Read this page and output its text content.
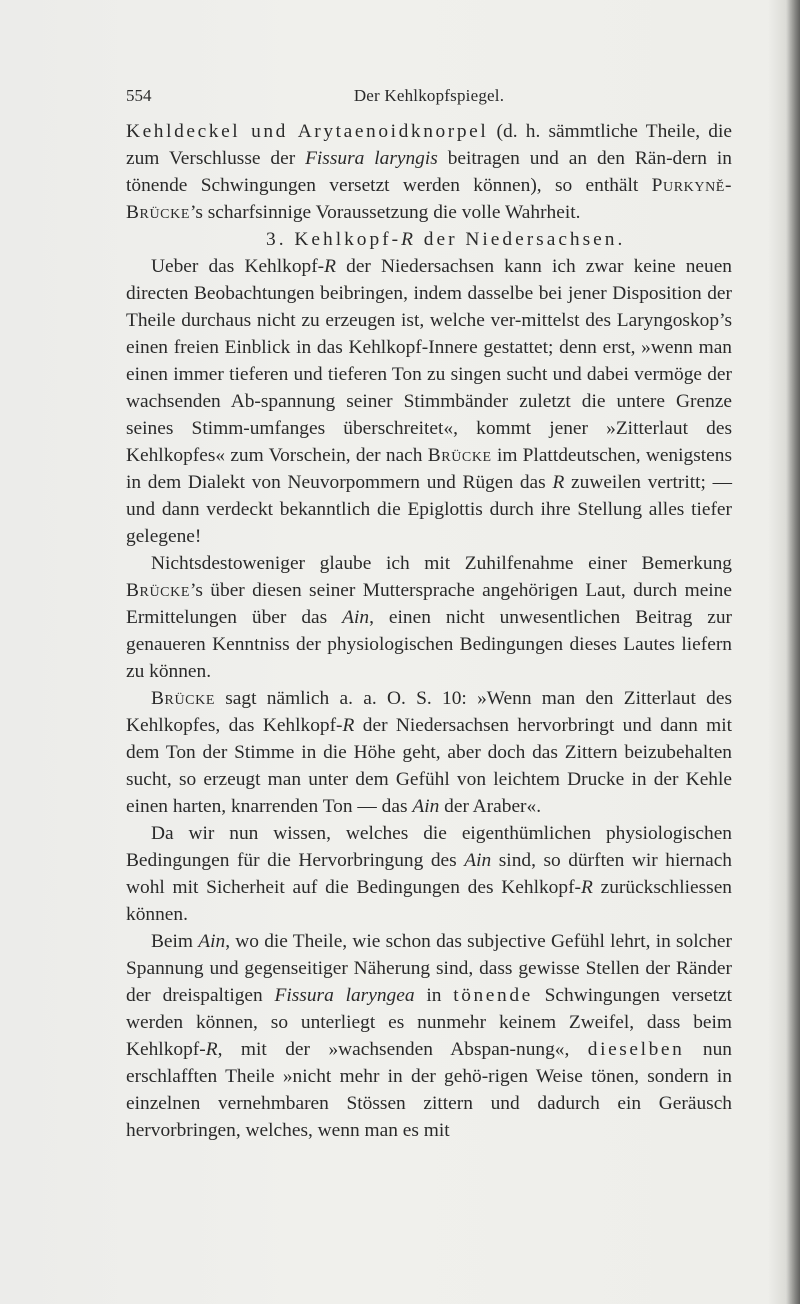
554	Der Kehlkopfspiegel.

Kehldeckel und Arytaenoidknorpel (d. h. sämmtliche Theile, die zum Verschlusse der Fissura laryngis beitragen und an den Rän-dern in tönende Schwingungen versetzt werden können), so enthält Purkyně-Brücke’s scharfsinnige Voraussetzung die volle Wahrheit.

3. Kehlkopf-R der Niedersachsen.

Ueber das Kehlkopf-R der Niedersachsen kann ich zwar keine neuen directen Beobachtungen beibringen, indem dasselbe bei jener Disposition der Theile durchaus nicht zu erzeugen ist, welche ver-mittelst des Laryngoskop’s einen freien Einblick in das Kehlkopf-Innere gestattet; denn erst, »wenn man einen immer tieferen und tieferen Ton zu singen sucht und dabei vermöge der wachsenden Ab-spannung seiner Stimmbänder zuletzt die untere Grenze seines Stimm-umfanges überschreitet«, kommt jener »Zitterlaut des Kehlkopfes« zum Vorschein, der nach Brücke im Plattdeutschen, wenigstens in dem Dialekt von Neuvorpommern und Rügen das R zuweilen vertritt; — und dann verdeckt bekanntlich die Epiglottis durch ihre Stellung alles tiefer gelegene!

Nichtsdestoweniger glaube ich mit Zuhilfenahme einer Bemerkung Brücke’s über diesen seiner Muttersprache angehörigen Laut, durch meine Ermittelungen über das Ain, einen nicht unwesentlichen Beitrag zur genaueren Kenntniss der physiologischen Bedingungen dieses Lautes liefern zu können.

Brücke sagt nämlich a. a. O. S. 10: »Wenn man den Zitterlaut des Kehlkopfes, das Kehlkopf-R der Niedersachsen hervorbringt und dann mit dem Ton der Stimme in die Höhe geht, aber doch das Zittern beizubehalten sucht, so erzeugt man unter dem Gefühl von leichtem Drucke in der Kehle einen harten, knarrenden Ton — das Ain der Araber«.

Da wir nun wissen, welches die eigenthümlichen physiologischen Bedingungen für die Hervorbringung des Ain sind, so dürften wir hiernach wohl mit Sicherheit auf die Bedingungen des Kehlkopf-R zurückschliessen können.

Beim Ain, wo die Theile, wie schon das subjective Gefühl lehrt, in solcher Spannung und gegenseitiger Näherung sind, dass gewisse Stellen der Ränder der dreispaltigen Fissura laryngea in tönende Schwingungen versetzt werden können, so unterliegt es nunmehr keinem Zweifel, dass beim Kehlkopf-R, mit der »wachsenden Abspan-nung«, dieselben nun erschlafften Theile »nicht mehr in der gehö-rigen Weise tönen, sondern in einzelnen vernehmbaren Stössen zittern und dadurch ein Geräusch hervorbringen, welches, wenn man es mit
